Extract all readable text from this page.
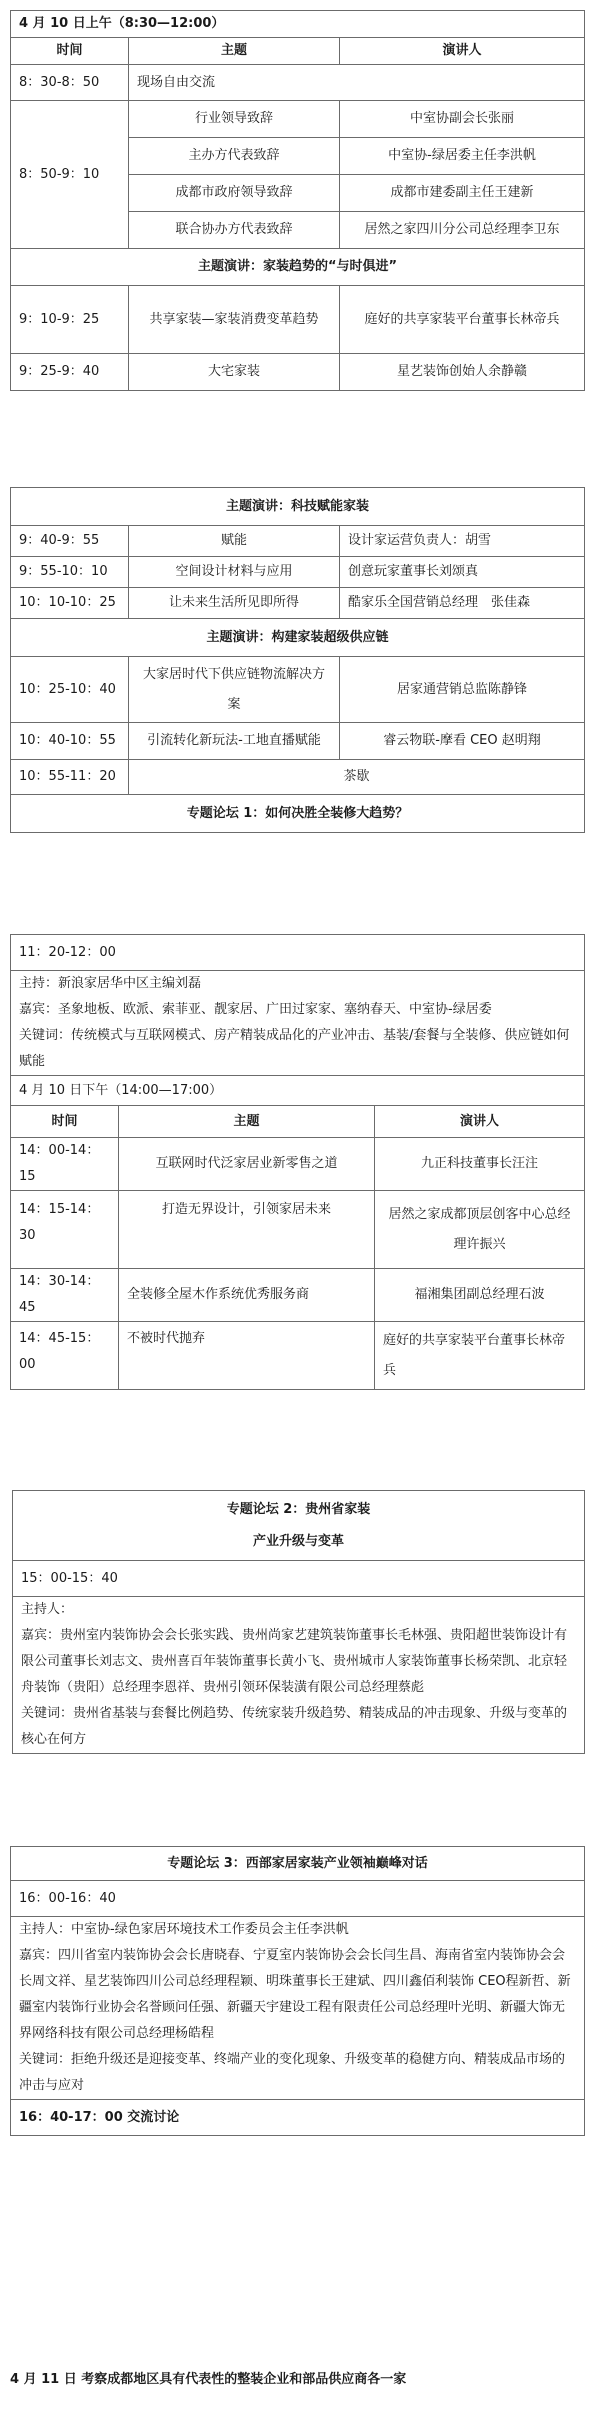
4 月 10 日上午（8:30—12:00）		
时间	主题	演讲人
8：30-8：50	现场自由交流	
8：50-9：10	行业领导致辞	中室协副会长张丽
	主办方代表致辞	中室协-绿居委主任李洪帆
	成都市政府领导致辞	成都市建委副主任王建新
	联合协办方代表致辞	居然之家四川分公司总经理李卫东
主题演讲：家装趋势的“与时俱进”		
9：10-9：25	共享家装—家装消费变革趋势	庭好的共享家装平台董事长林帝兵
9：25-9：40	大宅家装	星艺装饰创始人余静赣
主题演讲：科技赋能家装		
9：40-9：55	赋能	设计家运营负责人：胡雪
9：55-10：10	空间设计材料与应用	创意玩家董事长刘颂真
10：10-10：25	让未来生活所见即所得	酷家乐全国营销总经理　张佳森
主题演讲：构建家装超级供应链		
10：25-10：40	大家居时代下供应链物流解决方案	居家通营销总监陈静锋
10：40-10：55	引流转化新玩法-工地直播赋能	睿云物联-摩看 CEO 赵明翔
10：55-11：20	茶歇	
专题论坛 1：如何决胜全装修大趋势？		
11：20-12：00		

主持：新浪家居华中区主编刘磊
嘉宾：圣象地板、欧派、索菲亚、靓家居、广田过家家、塞纳春天、中室协-绿居委
关键词：传统模式与互联网模式、房产精装成品化的产业冲击、基装/套餐与全装修、供应链如何赋能		

4 月 10 日下午（14:00—17:00）		
时间	主题	演讲人
14：00-14：15	互联网时代泛家居业新零售之道	九正科技董事长汪注
14：15-14：30	打造无界设计，引领家居未来	居然之家成都顶层创客中心总经理许振兴
14：30-14：45	全装修全屋木作系统优秀服务商	福湘集团副总经理石波
14：45-15：00	不被时代抛弃	庭好的共享家装平台董事长林帝兵
专题论坛 2：贵州省家装
产业升级与变革

15：00-15：40

主持人：
嘉宾：贵州室内装饰协会会长张实践、贵州尚家艺建筑装饰董事长毛林强、贵阳超世装饰设计有限公司董事长刘志文、贵州喜百年装饰董事长黄小飞、贵州城市人家装饰董事长杨荣凯、北京轻舟装饰（贵阳）总经理李恩祥、贵州引领环保装潢有限公司总经理蔡彪
关键词：贵州省基装与套餐比例趋势、传统家装升级趋势、精装成品的冲击现象、升级与变革的核心在何方
专题论坛 3：西部家居家装产业领袖巅峰对话
16：00-16：40

主持人：中室协-绿色家居环境技术工作委员会主任李洪帆
嘉宾：四川省室内装饰协会会长唐晓春、宁夏室内装饰协会会长闫生昌、海南省室内装饰协会会长周文祥、星艺装饰四川公司总经理程颖、明珠董事长王建斌、四川鑫佰利装饰 CEO程新哲、新疆室内装饰行业协会名誉顾问任强、新疆天宇建设工程有限责任公司总经理叶光明、新疆大饰无界网络科技有限公司总经理杨皓程
关键词：拒绝升级还是迎接变革、终端产业的变化现象、升级变革的稳健方向、精装成品市场的冲击与应对

16：40-17：00 交流讨论
4 月 11 日 考察成都地区具有代表性的整装企业和部品供应商各一家
